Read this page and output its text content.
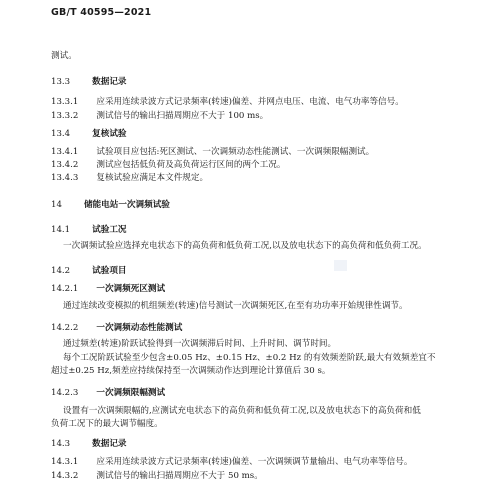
GB/T 40595—2021
测试。
13.3	数据记录
13.3.1 应采用连续录波方式记录频率(转速)偏差、并网点电压、电流、电气功率等信号。
13.3.2 测试信号的输出扫描周期应不大于 100 ms。
13.4	复核试验
13.4.1 试验项目应包括:死区测试、一次调频动态性能测试、一次调频限幅测试。
13.4.2 测试应包括低负荷及高负荷运行区间的两个工况。
13.4.3 复核试验应满足本文件规定。
14	储能电站一次调频试验
14.1	试验工况
一次调频试验应选择充电状态下的高负荷和低负荷工况,以及放电状态下的高负荷和低负荷工况。
14.2	试验项目
14.2.1 一次调频死区测试
通过连续改变模拟的机组频差(转速)信号测试一次调频死区,在至有功功率开始规律性调节。
14.2.2 一次调频动态性能测试
通过频差(转速)阶跃试验得到一次调频滞后时间、上升时间、调节时间。
每个工况阶跃试验至少包含±0.05 Hz、±0.15 Hz、±0.2 Hz 的有效频差阶跃,最大有效频差宜不
超过±0.25 Hz,频差应持续保持至一次调频动作达到理论计算值后 30 s。
14.2.3 一次调频限幅测试
设置有一次调频限幅的,应测试充电状态下的高负荷和低负荷工况,以及放电状态下的高负荷和低
负荷工况下的最大调节幅度。
14.3	数据记录
14.3.1 应采用连续录波方式记录频率(转速)偏差、一次调频调节量输出、电气功率等信号。
14.3.2 测试信号的输出扫描周期应不大于 50 ms。
